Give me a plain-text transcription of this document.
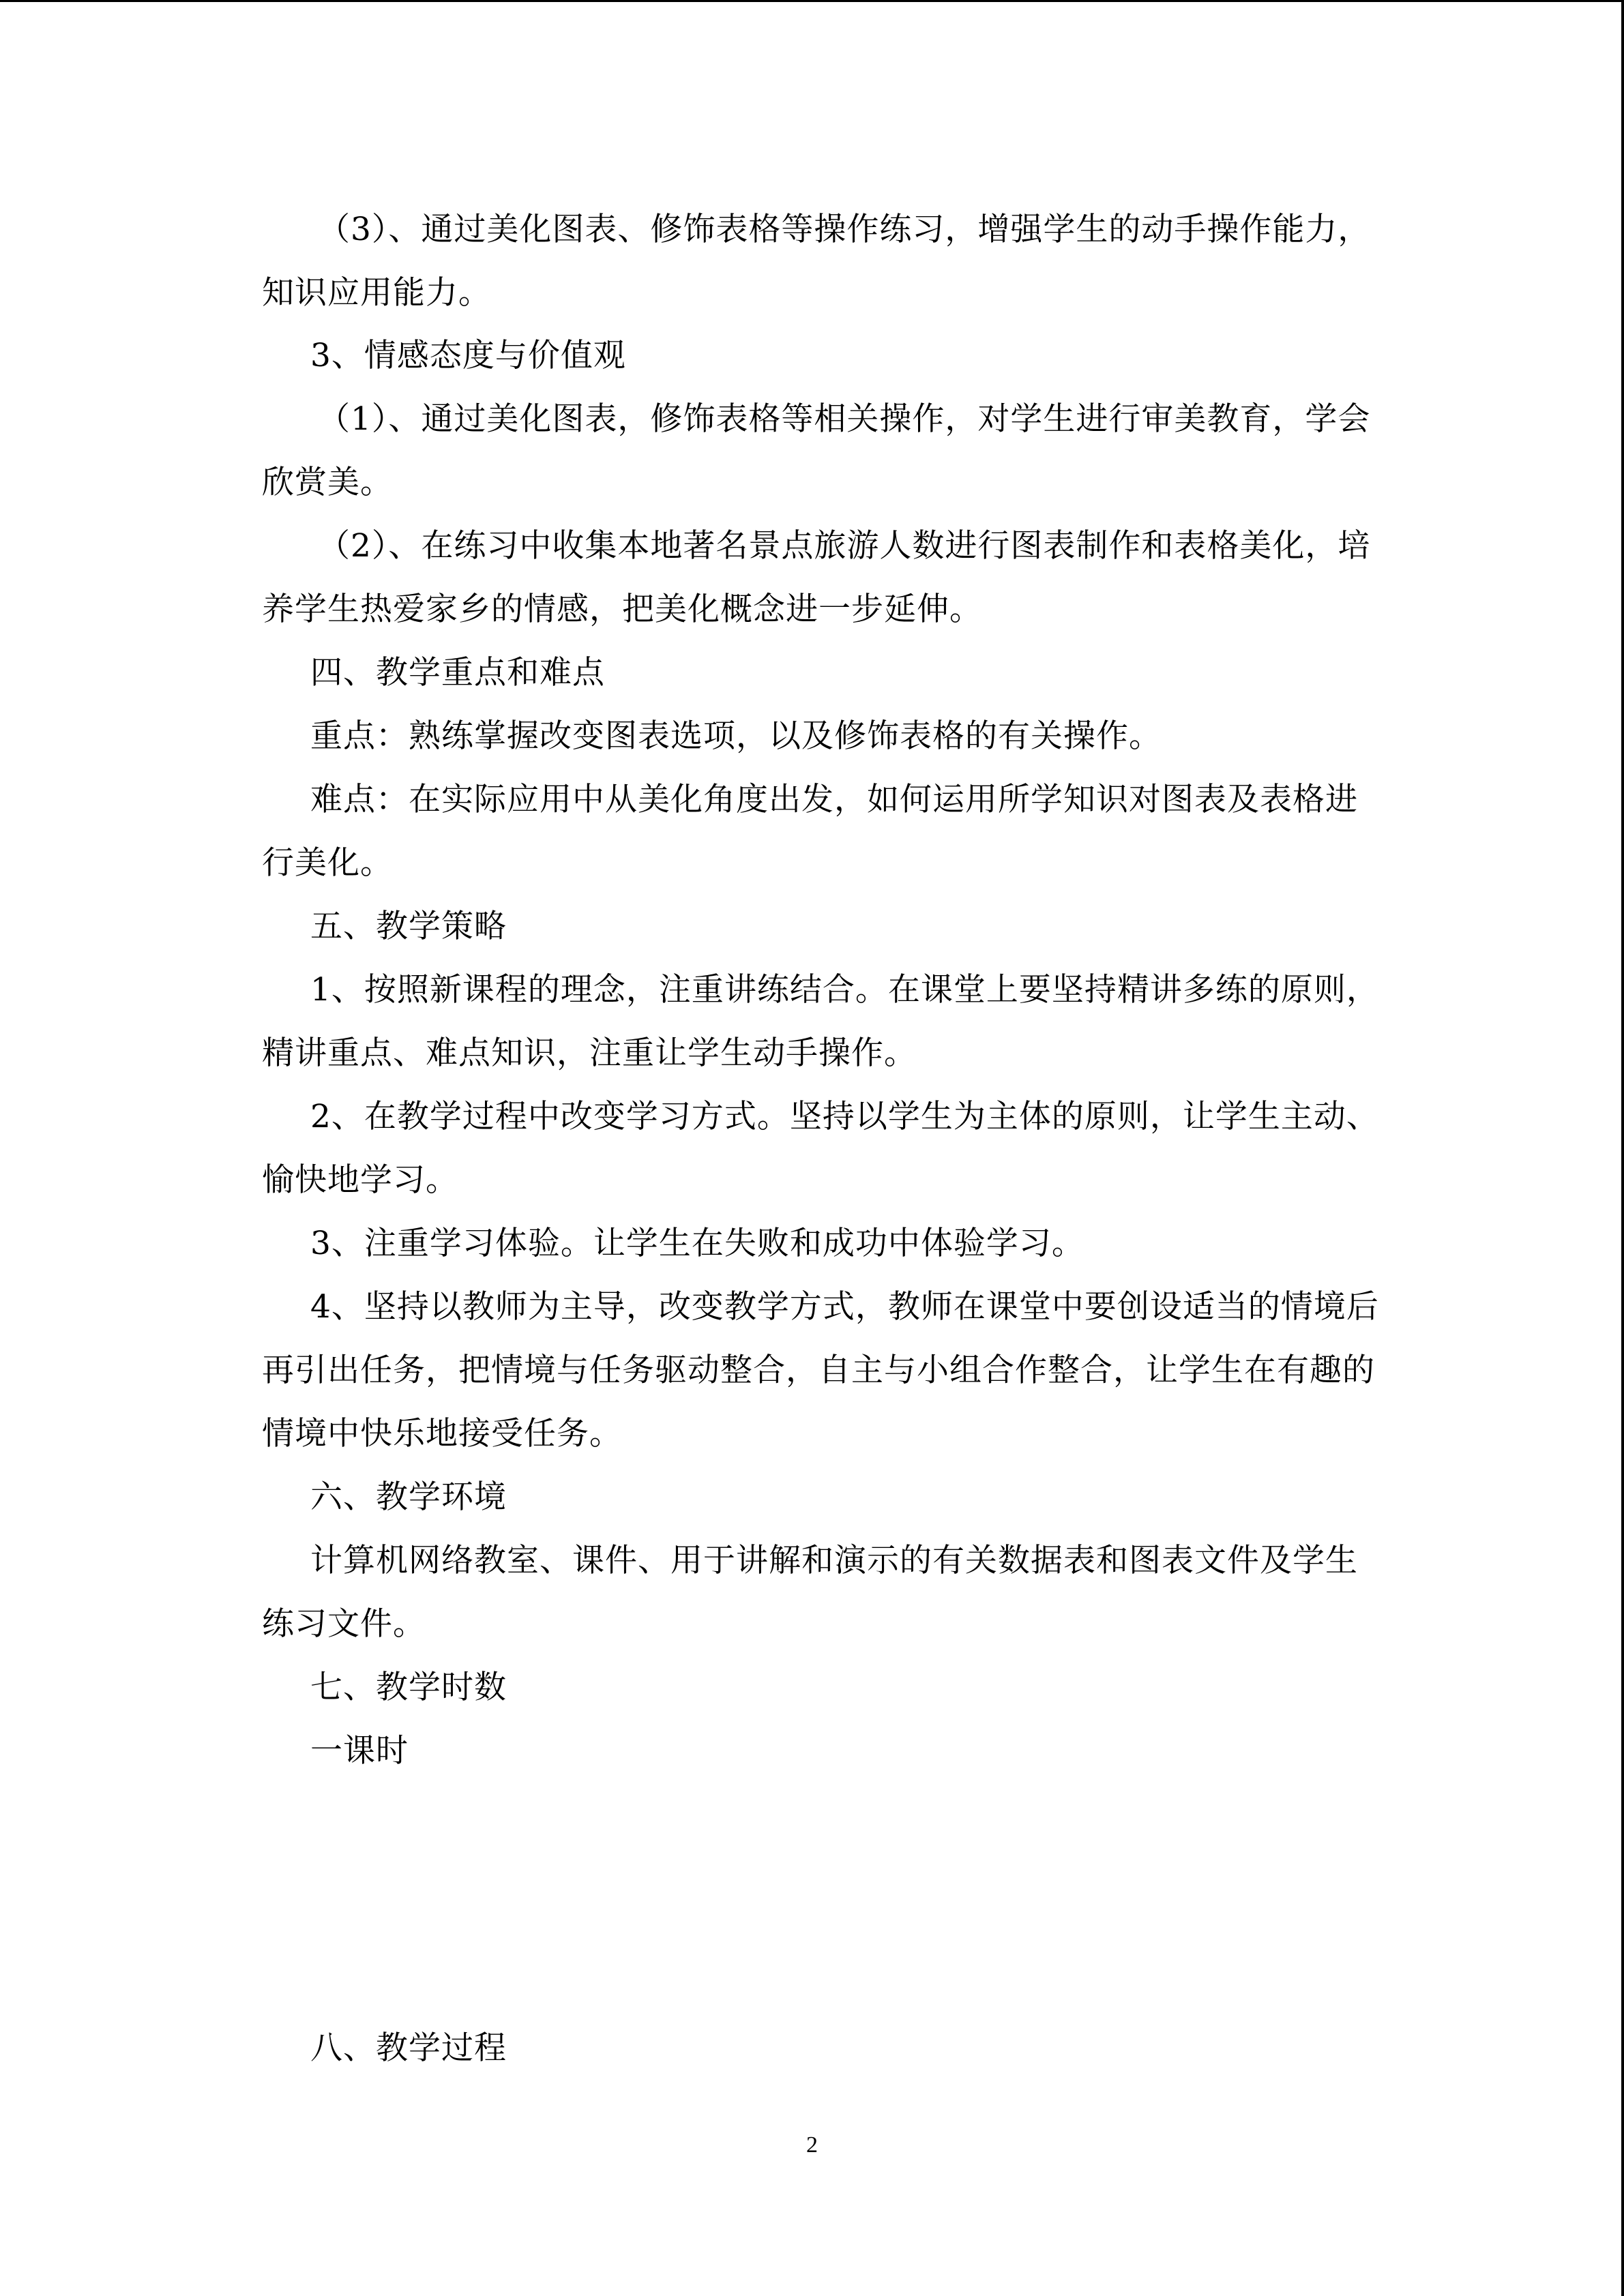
（3）、通过美化图表、修饰表格等操作练习，增强学生的动手操作能力，
知识应用能力。
3、情感态度与价值观
（1）、通过美化图表，修饰表格等相关操作，对学生进行审美教育，学会
欣赏美。
（2）、在练习中收集本地著名景点旅游人数进行图表制作和表格美化，培
养学生热爱家乡的情感，把美化概念进一步延伸。
四、教学重点和难点
重点：熟练掌握改变图表选项，以及修饰表格的有关操作。
难点：在实际应用中从美化角度出发，如何运用所学知识对图表及表格进
行美化。
五、教学策略
1、按照新课程的理念，注重讲练结合。在课堂上要坚持精讲多练的原则，
精讲重点、难点知识，注重让学生动手操作。
2、在教学过程中改变学习方式。坚持以学生为主体的原则，让学生主动、
愉快地学习。
3、注重学习体验。让学生在失败和成功中体验学习。
4、坚持以教师为主导，改变教学方式，教师在课堂中要创设适当的情境后
再引出任务，把情境与任务驱动整合，自主与小组合作整合，让学生在有趣的
情境中快乐地接受任务。
六、教学环境
计算机网络教室、课件、用于讲解和演示的有关数据表和图表文件及学生
练习文件。
七、教学时数
一课时
八、教学过程
2
